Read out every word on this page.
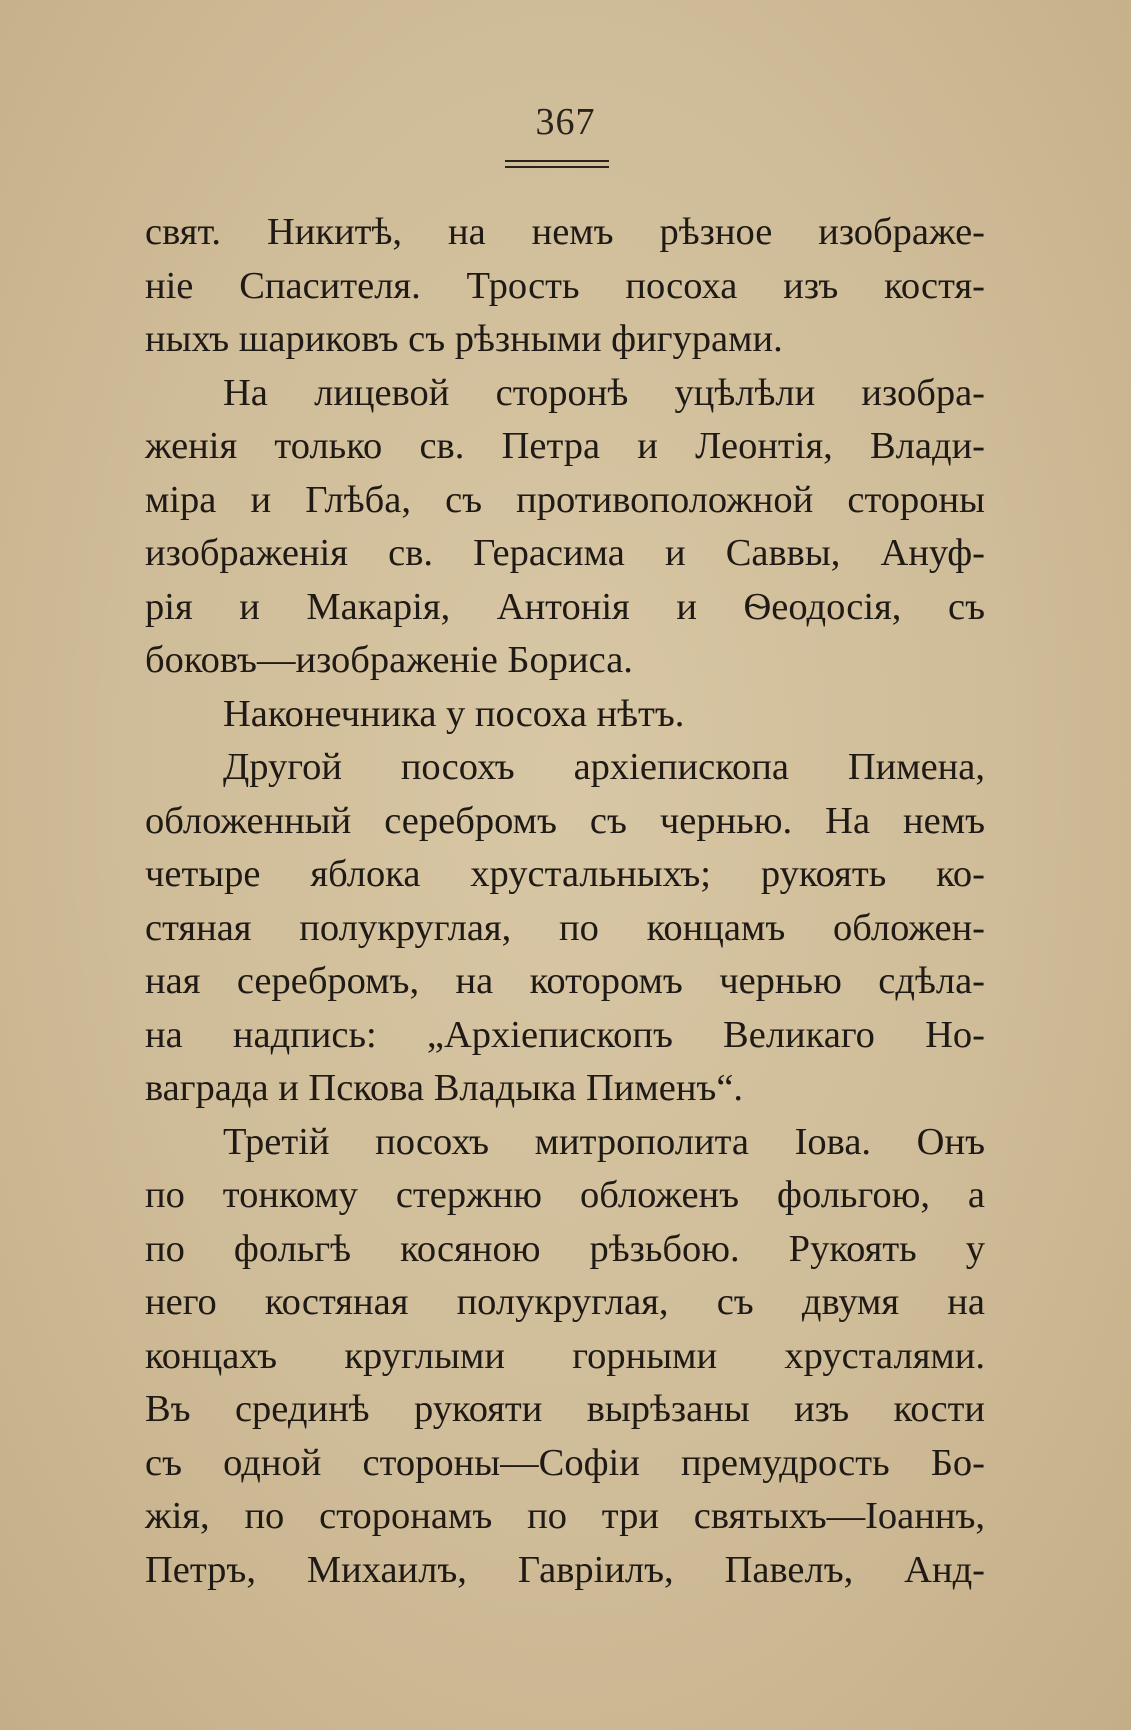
367
свят. Никитѣ, на немъ рѣзное изображе-
ніе Спасителя. Трость посоха изъ костя-
ныхъ шариковъ съ рѣзными фигурами.
На лицевой сторонѣ уцѣлѣли изобра-
женія только св. Петра и Леонтія, Влади-
міра и Глѣба, съ противоположной стороны
изображенія св. Герасима и Саввы, Ануф-
рія и Макарія, Антонія и Ѳеодосія, съ
боковъ—изображеніе Бориса.
Наконечника у посоха нѣтъ.
Другой посохъ архіепископа Пимена,
обложенный серебромъ съ чернью. На немъ
четыре яблока хрустальныхъ; рукоять ко-
стяная полукруглая, по концамъ обложен-
ная серебромъ, на которомъ чернью сдѣла-
на надпись: „Архіепископъ Великаго Но-
ваграда и Пскова Владыка Пименъ“.
Третій посохъ митрополита Іова. Онъ
по тонкому стержню обложенъ фольгою, а
по фольгѣ косяною рѣзьбою. Рукоять у
него костяная полукруглая, съ двумя на
концахъ круглыми горными хрусталями.
Въ срединѣ рукояти вырѣзаны изъ кости
съ одной стороны—Софіи премудрость Бо-
жія, по сторонамъ по три святыхъ—Іоаннъ,
Петръ, Михаилъ, Гавріилъ, Павелъ, Анд-
